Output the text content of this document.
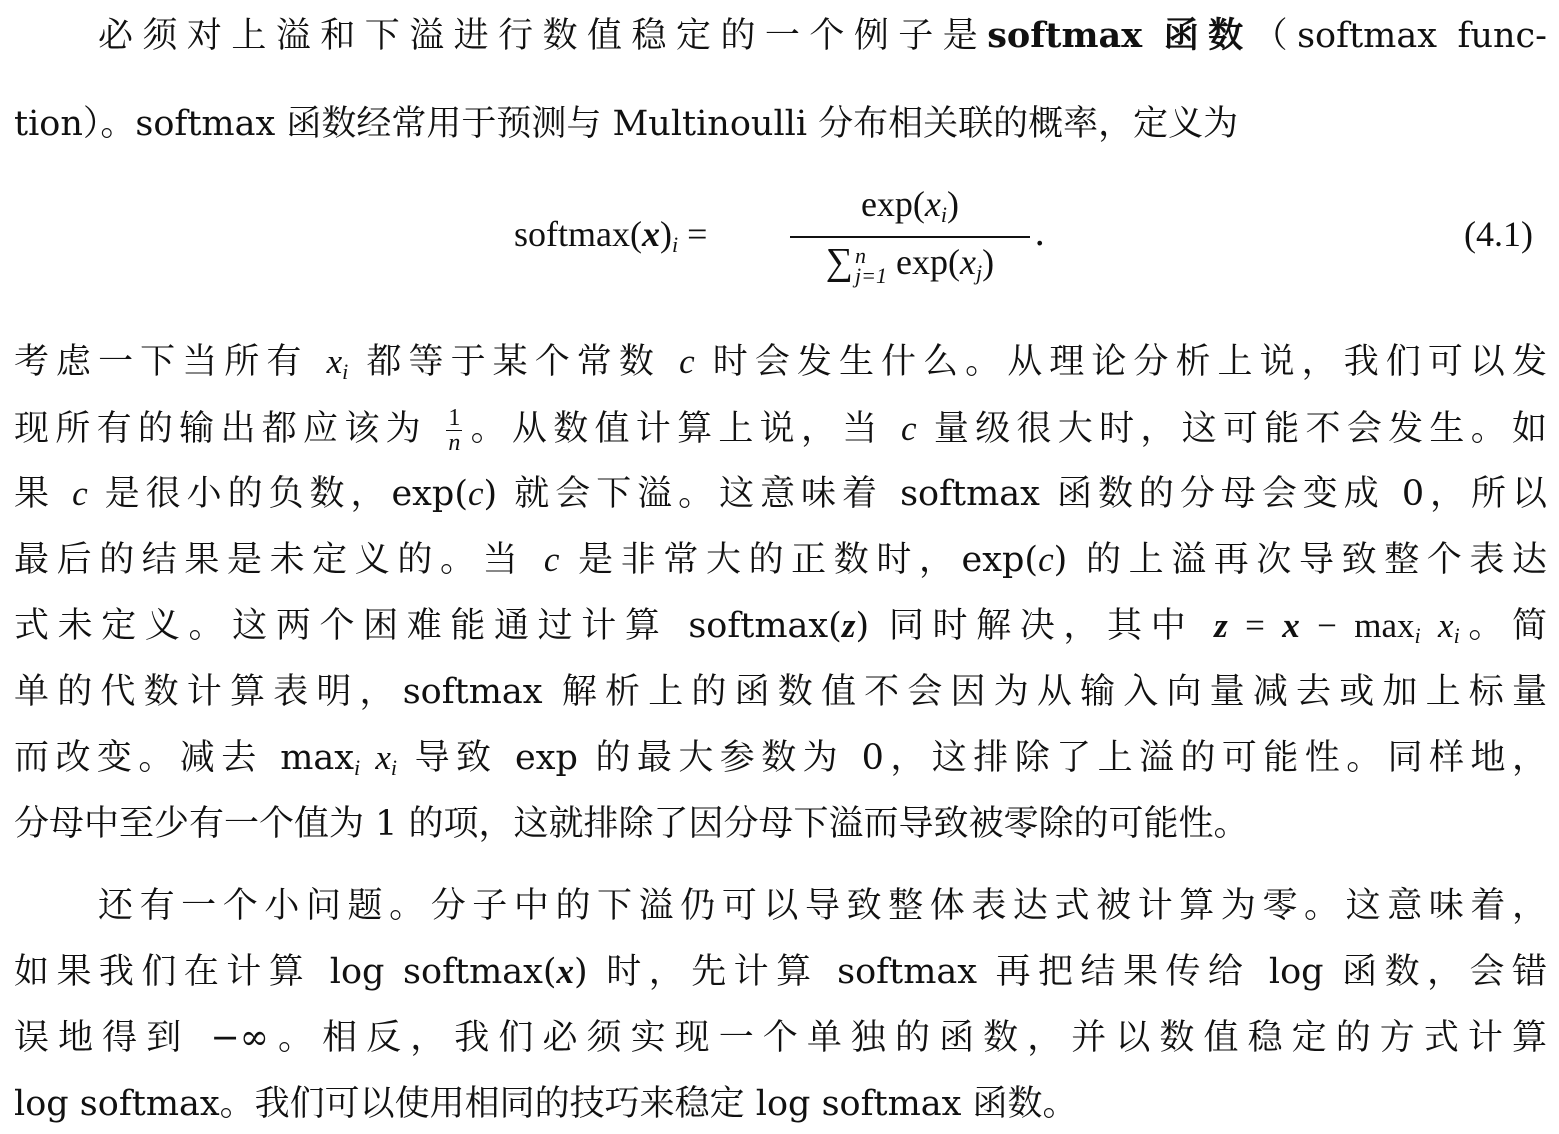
必须对上溢和下溢进行数值稳定的一个例子是softmax 函数（softmax func-
tion）。softmax 函数经常用于预测与 Multinoulli 分布相关联的概率，定义为
$softmax(x)_i$ =
$\exp(x_i)$
∑ n
j=1 $\exp(x_j)$
.	(4.1)
考虑一下当所有 $x_i$ 都等于某个常数 c 时会发生什么。从理论分析上说，我们可以发
现所有的输出都应该为 $\frac{1}{n}$ 。从数值计算上说，当 c 量级很大时，这可能不会发生。如
果 c 是很小的负数，exp(c) 就会下溢。这意味着 softmax 函数的分母会变成 0，所以
最后的结果是未定义的。当 c 是非常大的正数时，exp(c) 的上溢再次导致整个表达
式未定义。这两个困难能通过计算 softmax(z) 同时解决，其中 $z = x - \max_i x_i$。简
单的代数计算表明，softmax 解析上的函数值不会因为从输入向量减去或加上标量
而改变。减去 $\max_i x_i$ 导致 exp 的最大参数为 0，这排除了上溢的可能性。同样地，
分母中至少有一个值为 1 的项，这就排除了因分母下溢而导致被零除的可能性。
还有一个小问题。分子中的下溢仍可以导致整体表达式被计算为零。这意味着，
如果我们在计算 log softmax(x) 时，先计算 softmax 再把结果传给 log 函数，会错
误地得到 −∞。相反，我们必须实现一个单独的函数，并以数值稳定的方式计算
log softmax。我们可以使用相同的技巧来稳定 log softmax 函数。
